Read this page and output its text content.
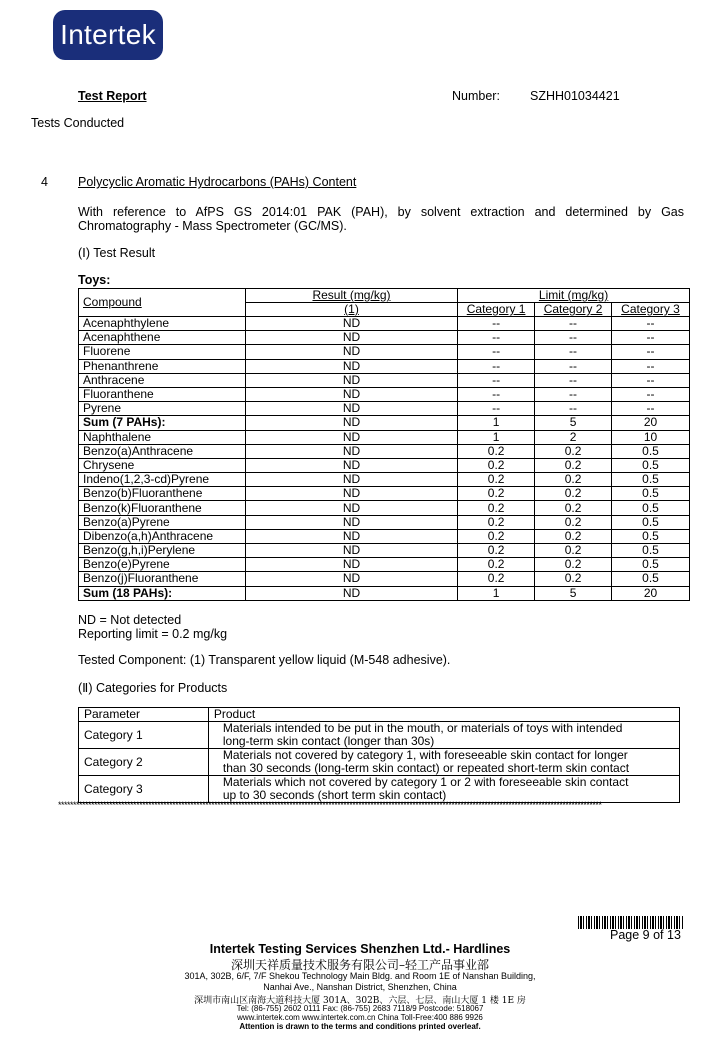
Intertek
Test Report	Number: SZHH01034421
Tests Conducted
4 Polycyclic Aromatic Hydrocarbons (PAHs) Content
With reference to AfPS GS 2014:01 PAK (PAH), by solvent extraction and determined by Gas
Chromatography - Mass Spectrometer (GC/MS).
(Ⅰ) Test Result
Toys:
Compound	Result (mg/kg)	Limit (mg/kg)		
	(1)	Category 1	Category 2	Category 3
Acenaphthylene	ND	--	--	--
Acenaphthene	ND	--	--	--
Fluorene	ND	--	--	--
Phenanthrene	ND	--	--	--
Anthracene	ND	--	--	--
Fluoranthene	ND	--	--	--
Pyrene	ND	--	--	--
Sum (7 PAHs):	ND	1	5	20
Naphthalene	ND	1	2	10
Benzo(a)Anthracene	ND	0.2	0.2	0.5
Chrysene	ND	0.2	0.2	0.5
Indeno(1,2,3-cd)Pyrene	ND	0.2	0.2	0.5
Benzo(b)Fluoranthene	ND	0.2	0.2	0.5
Benzo(k)Fluoranthene	ND	0.2	0.2	0.5
Benzo(a)Pyrene	ND	0.2	0.2	0.5
Dibenzo(a,h)Anthracene	ND	0.2	0.2	0.5
Benzo(g,h,i)Perylene	ND	0.2	0.2	0.5
Benzo(e)Pyrene	ND	0.2	0.2	0.5
Benzo(j)Fluoranthene	ND	0.2	0.2	0.5
Sum (18 PAHs):	ND	1	5	20
ND = Not detected
Reporting limit = 0.2 mg/kg
Tested Component: (1) Transparent yellow liquid (M-548 adhesive).
(Ⅱ) Categories for Products
Parameter	Product
Category 1	Materials intended to be put in the mouth, or materials of toys with intended
long-term skin contact (longer than 30s)

Category 2	Materials not covered by category 1, with foreseeable skin contact for longer
than 30 seconds (long-term skin contact) or repeated short-term skin contact

Category 3	Materials which not covered by category 1 or 2 with foreseeable skin contact
up to 30 seconds (short term skin contact)
*************************************************************************************************************************************************************************************
Page 9 of 13
Intertek Testing Services Shenzhen Ltd.- Hardlines
深圳天祥质量技术服务有限公司–轻工产品事业部
301A, 302B, 6/F, 7/F Shekou Technology Main Bldg. and Room 1E of Nanshan Building,
Nanhai Ave., Nanshan District, Shenzhen, China
深圳市南山区南海大道科技大厦 301A、302B、六层、七层、南山大厦 1 楼 1E 房
Tel: (86-755) 2602 0111 Fax: (86-755) 2683 7118/9 Postcode: 518067
www.intertek.com www.intertek.com.cn China Toll-Free:400 886 9926
Attention is drawn to the terms and conditions printed overleaf.
